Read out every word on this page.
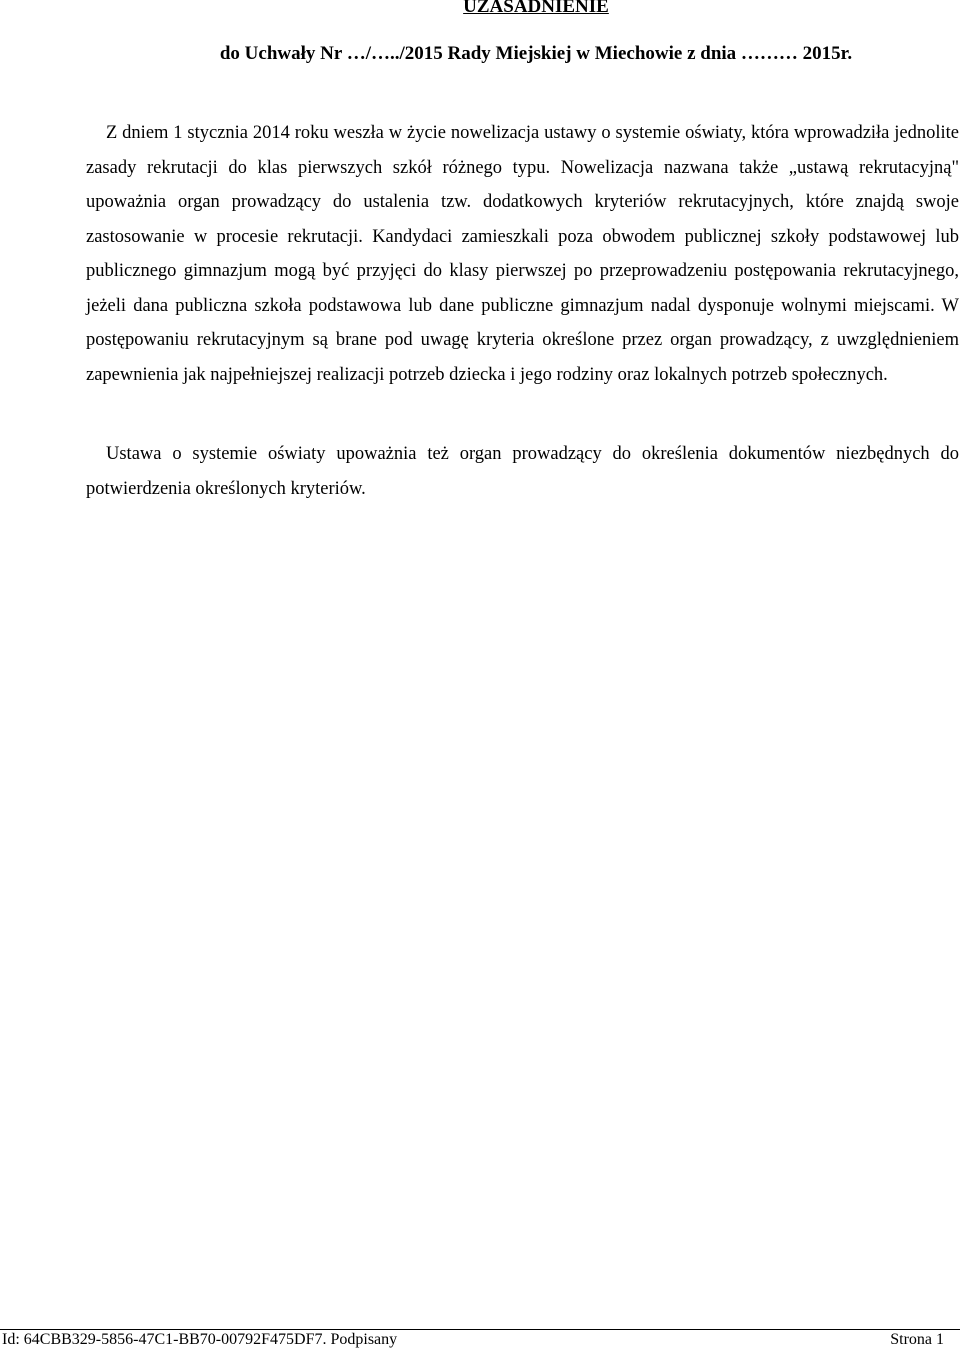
UZASADNIENIE
do Uchwały Nr …/…../2015 Rady Miejskiej w Miechowie z dnia ……… 2015r.

Z dniem 1 stycznia 2014 roku weszła w życie nowelizacja ustawy o systemie oświaty, która wprowadziła jednolite zasady rekrutacji do klas pierwszych szkół różnego typu. Nowelizacja nazwana także „ustawą rekrutacyjną" upoważnia organ prowadzący do ustalenia tzw. dodatkowych kryteriów rekrutacyjnych, które znajdą swoje zastosowanie w procesie rekrutacji. Kandydaci zamieszkali poza obwodem publicznej szkoły podstawowej lub publicznego gimnazjum mogą być przyjęci do klasy pierwszej po przeprowadzeniu postępowania rekrutacyjnego, jeżeli dana publiczna szkoła podstawowa lub dane publiczne gimnazjum nadal dysponuje wolnymi miejscami. W postępowaniu rekrutacyjnym są brane pod uwagę kryteria określone przez organ prowadzący, z uwzględnieniem zapewnienia jak najpełniejszej realizacji potrzeb dziecka i jego rodziny oraz lokalnych potrzeb społecznych.

Ustawa o systemie oświaty upoważnia też organ prowadzący do określenia dokumentów niezbędnych do potwierdzenia określonych kryteriów.

Id: 64CBB329-5856-47C1-BB70-00792F475DF7. Podpisany	Strona 1
